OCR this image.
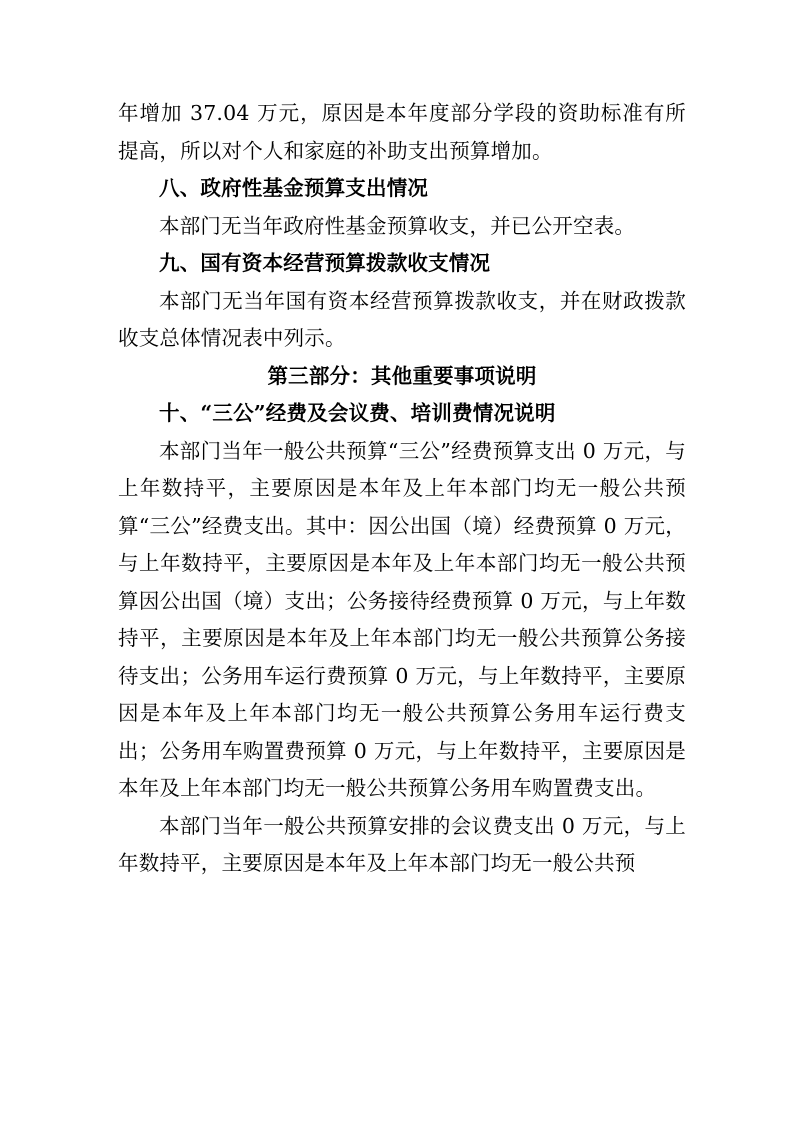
年增加 37.04 万元，原因是本年度部分学段的资助标准有所提高，所以对个人和家庭的补助支出预算增加。

八、政府性基金预算支出情况

本部门无当年政府性基金预算收支，并已公开空表。

九、国有资本经营预算拨款收支情况

本部门无当年国有资本经营预算拨款收支，并在财政拨款收支总体情况表中列示。

第三部分：其他重要事项说明

十、“三公”经费及会议费、培训费情况说明

本部门当年一般公共预算“三公”经费预算支出 0 万元，与上年数持平，主要原因是本年及上年本部门均无一般公共预算“三公”经费支出。其中：因公出国（境）经费预算 0 万元，与上年数持平，主要原因是本年及上年本部门均无一般公共预算因公出国（境）支出；公务接待经费预算 0 万元，与上年数持平，主要原因是本年及上年本部门均无一般公共预算公务接待支出；公务用车运行费预算 0 万元，与上年数持平，主要原因是本年及上年本部门均无一般公共预算公务用车运行费支出；公务用车购置费预算 0 万元，与上年数持平，主要原因是本年及上年本部门均无一般公共预算公务用车购置费支出。

本部门当年一般公共预算安排的会议费支出 0 万元，与上年数持平，主要原因是本年及上年本部门均无一般公共预
